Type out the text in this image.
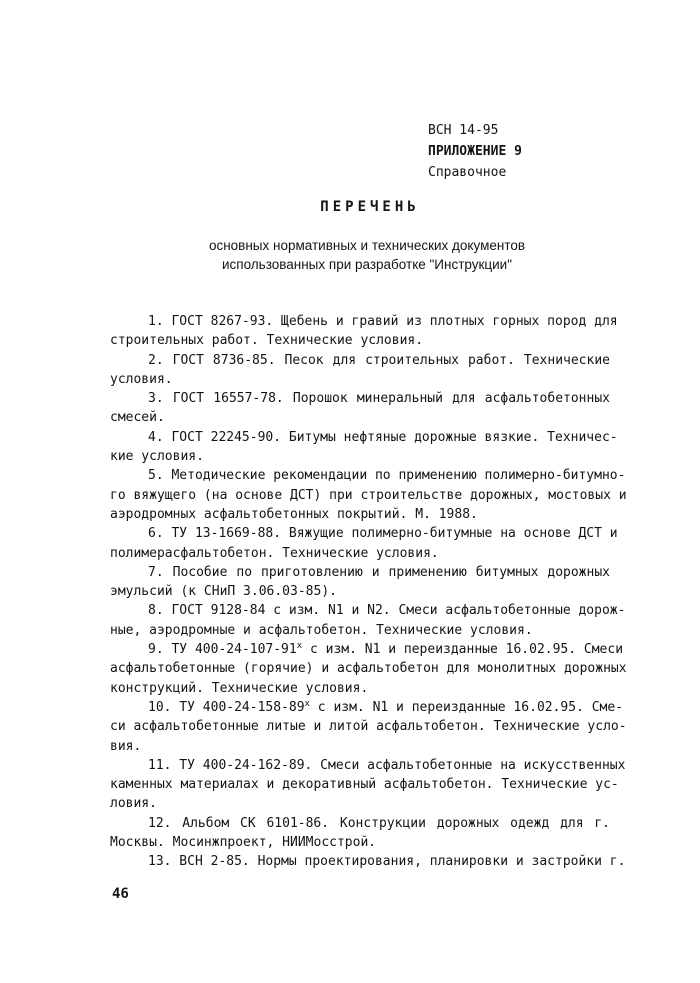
ВСН 14-95
ПРИЛОЖЕНИЕ 9
Справочное
ПЕРЕЧЕНЬ
основных нормативных и технических документов
использованных при разработке "Инструкции"
1. ГОСТ 8267-93. Щебень и гравий из плотных горных пород для
строительных работ. Технические условия.
2. ГОСТ 8736-85. Песок для строительных работ. Технические
условия.
3. ГОСТ 16557-78. Порошок минеральный для асфальтобетонных
смесей.
4. ГОСТ 22245-90. Битумы нефтяные дорожные вязкие. Техничес-
кие условия.
5. Методические рекомендации по применению полимерно-битумно-
го вяжущего (на основе ДСТ) при строительстве дорожных, мостовых и
аэродромных асфальтобетонных покрытий. М. 1988.
6. ТУ 13-1669-88. Вяжущие полимерно-битумные на основе ДСТ и
полимерасфальтобетон. Технические условия.
7. Пособие по приготовлению и применению битумных дорожных
эмульсий (к СНиП 3.06.03-85).
8. ГОСТ 9128-84 с изм. N1 и N2. Смеси асфальтобетонные дорож-
ные, аэродромные и асфальтобетон. Технические условия.
9. ТУ $400-24-107-91^х$ с изм. N1 и переизданные 16.02.95. Смеси
асфальтобетонные (горячие) и асфальтобетон для монолитных дорожных
конструкций. Технические условия.
10. ТУ $400-24-158-89^х$ с изм. N1 и переизданные 16.02.95. Сме-
си асфальтобетонные литые и литой асфальтобетон. Технические усло-
вия.
11. ТУ 400-24-162-89. Смеси асфальтобетонные на искусственных
каменных материалах и декоративный асфальтобетон. Технические ус-
ловия.
12. Альбом СК 6101-86. Конструкции дорожных одежд для г.
Москвы. Мосинжпроект, НИИМосстрой.
13. ВСН 2-85. Нормы проектирования, планировки и застройки г.
46
